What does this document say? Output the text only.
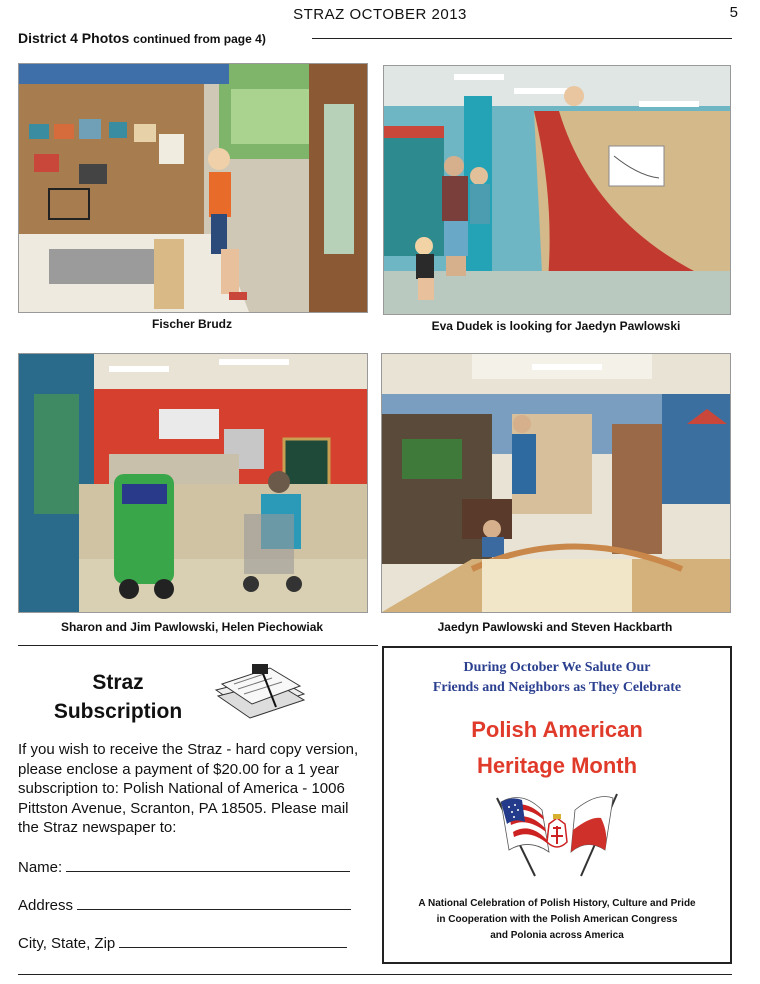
STRAZ OCTOBER 2013	5
District 4 Photos continued from page 4)
Fischer Brudz	Eva Dudek is looking for Jaedyn Pawlowski
Sharon and Jim Pawlowski, Helen Piechowiak	Jaedyn Pawlowski and Steven Hackbarth
Straz
Subscription
If you wish to receive the Straz - hard copy version, please enclose a payment of $20.00 for a 1 year subscription to: Polish National of America - 1006 Pittston Avenue, Scranton, PA 18505. Please mail the Straz newspaper to:
Name:
Address
City, State, Zip
During October We Salute Our
Friends and Neighbors as They Celebrate
Polish American
Heritage Month
A National Celebration of Polish History, Culture and Pride
in Cooperation with the Polish American Congress
and Polonia across America
